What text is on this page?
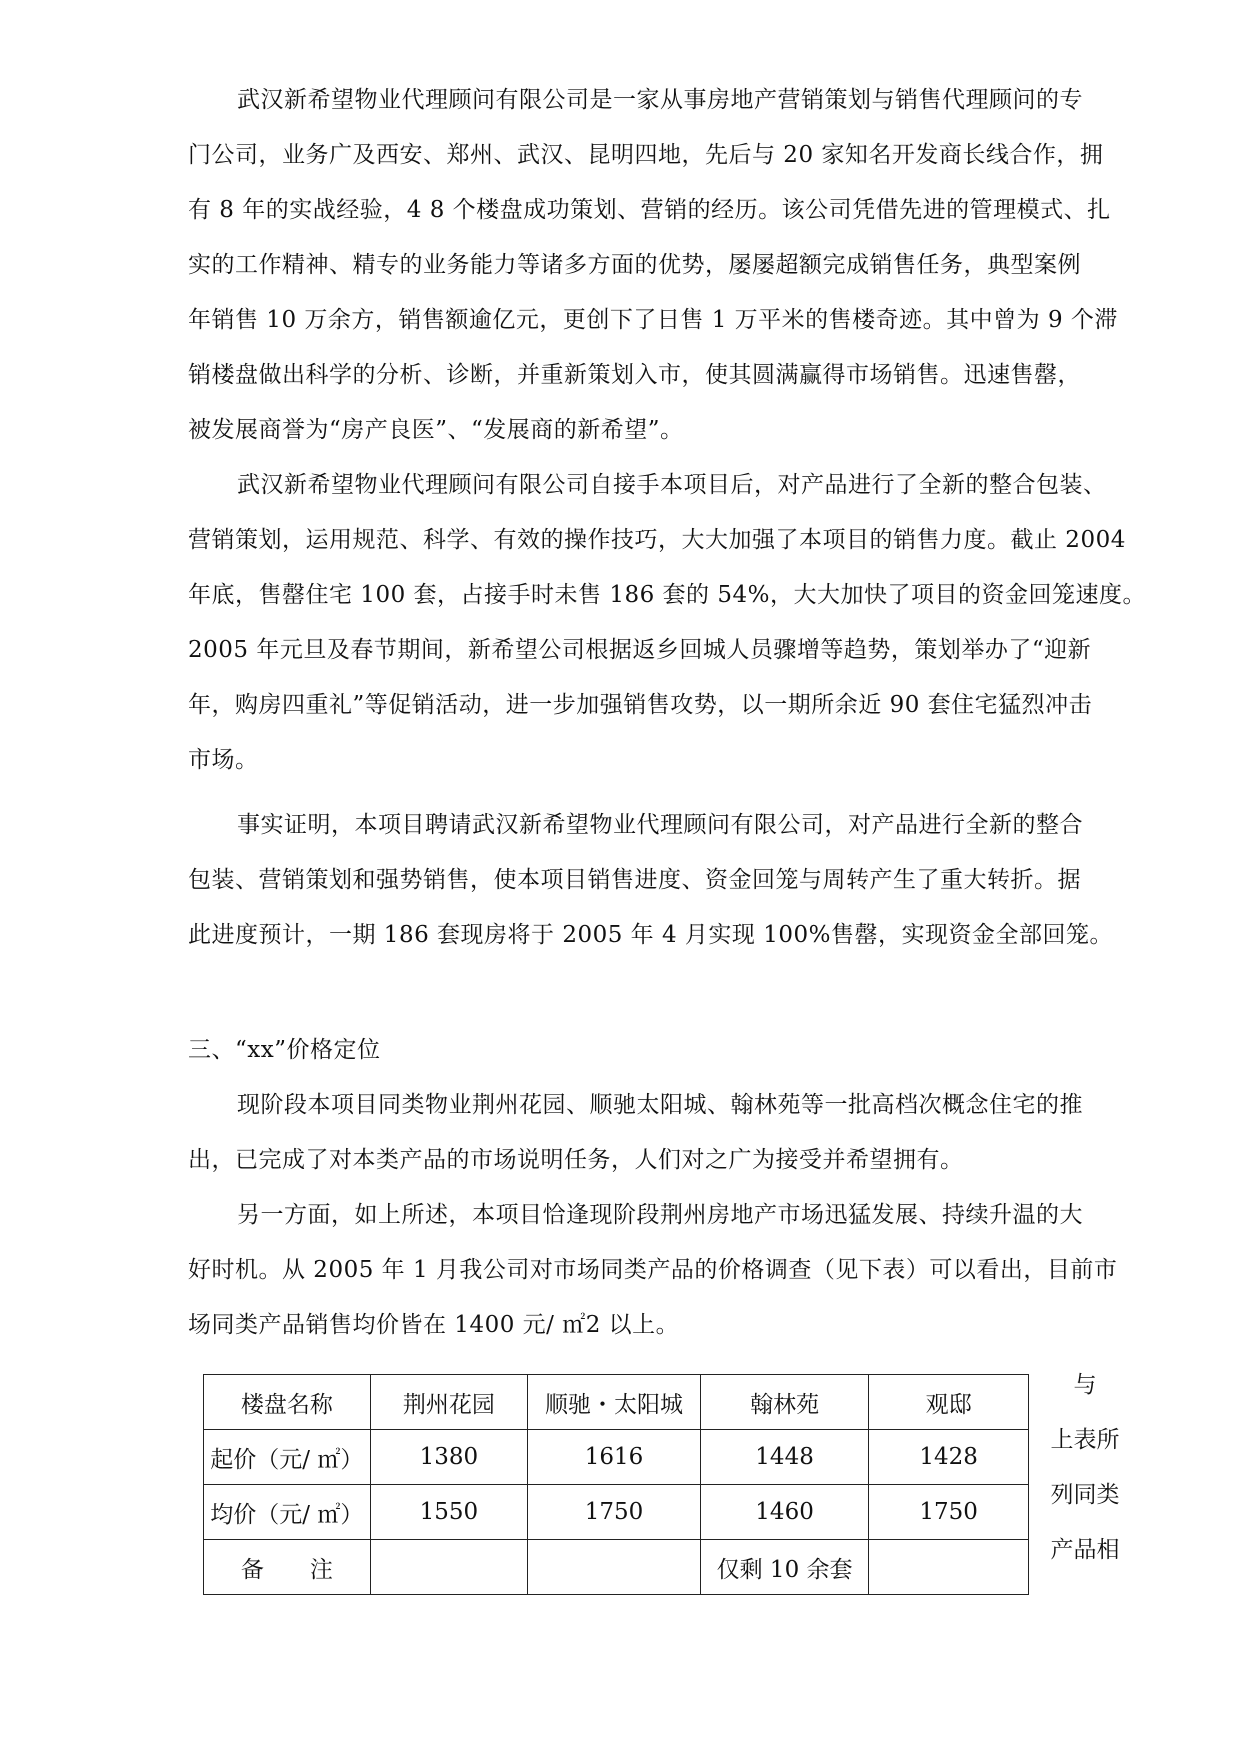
武汉新希望物业代理顾问有限公司是一家从事房地产营销策划与销售代理顾问的专
门公司，业务广及西安、郑州、武汉、昆明四地，先后与 20 家知名开发商长线合作，拥
有 8 年的实战经验，4 8 个楼盘成功策划、营销的经历。该公司凭借先进的管理模式、扎
实的工作精神、精专的业务能力等诸多方面的优势，屡屡超额完成销售任务，典型案例
年销售 10 万余方，销售额逾亿元，更创下了日售 1 万平米的售楼奇迹。其中曾为 9 个滞
销楼盘做出科学的分析、诊断，并重新策划入市，使其圆满赢得市场销售。迅速售罄，
被发展商誉为“房产良医”、“发展商的新希望”。
武汉新希望物业代理顾问有限公司自接手本项目后，对产品进行了全新的整合包装、
营销策划，运用规范、科学、有效的操作技巧，大大加强了本项目的销售力度。截止 2004
年底，售罄住宅 100 套，占接手时未售 186 套的 54%，大大加快了项目的资金回笼速度。
2005 年元旦及春节期间，新希望公司根据返乡回城人员骤增等趋势，策划举办了“迎新
年，购房四重礼”等促销活动，进一步加强销售攻势，以一期所余近 90 套住宅猛烈冲击
市场。
事实证明，本项目聘请武汉新希望物业代理顾问有限公司，对产品进行全新的整合
包装、营销策划和强势销售，使本项目销售进度、资金回笼与周转产生了重大转折。据
此进度预计，一期 186 套现房将于 2005 年 4 月实现 100%售罄，实现资金全部回笼。
三、“xx”价格定位
现阶段本项目同类物业荆州花园、顺驰太阳城、翰林苑等一批高档次概念住宅的推
出，已完成了对本类产品的市场说明任务，人们对之广为接受并希望拥有。
另一方面，如上所述，本项目恰逢现阶段荆州房地产市场迅猛发展、持续升温的大
好时机。从 2005 年 1 月我公司对市场同类产品的价格调查（见下表）可以看出，目前市
场同类产品销售均价皆在 1400 元/ ㎡2 以上。
楼盘名称	荆州花园	顺驰・太阳城	翰林苑	观邸
起价（元/ ㎡）	1380	1616	1448	1428
均价（元/ ㎡）	1550	1750	1460	1750
备　　注			仅剩 10 余套	
与
上表所
列同类
产品相
